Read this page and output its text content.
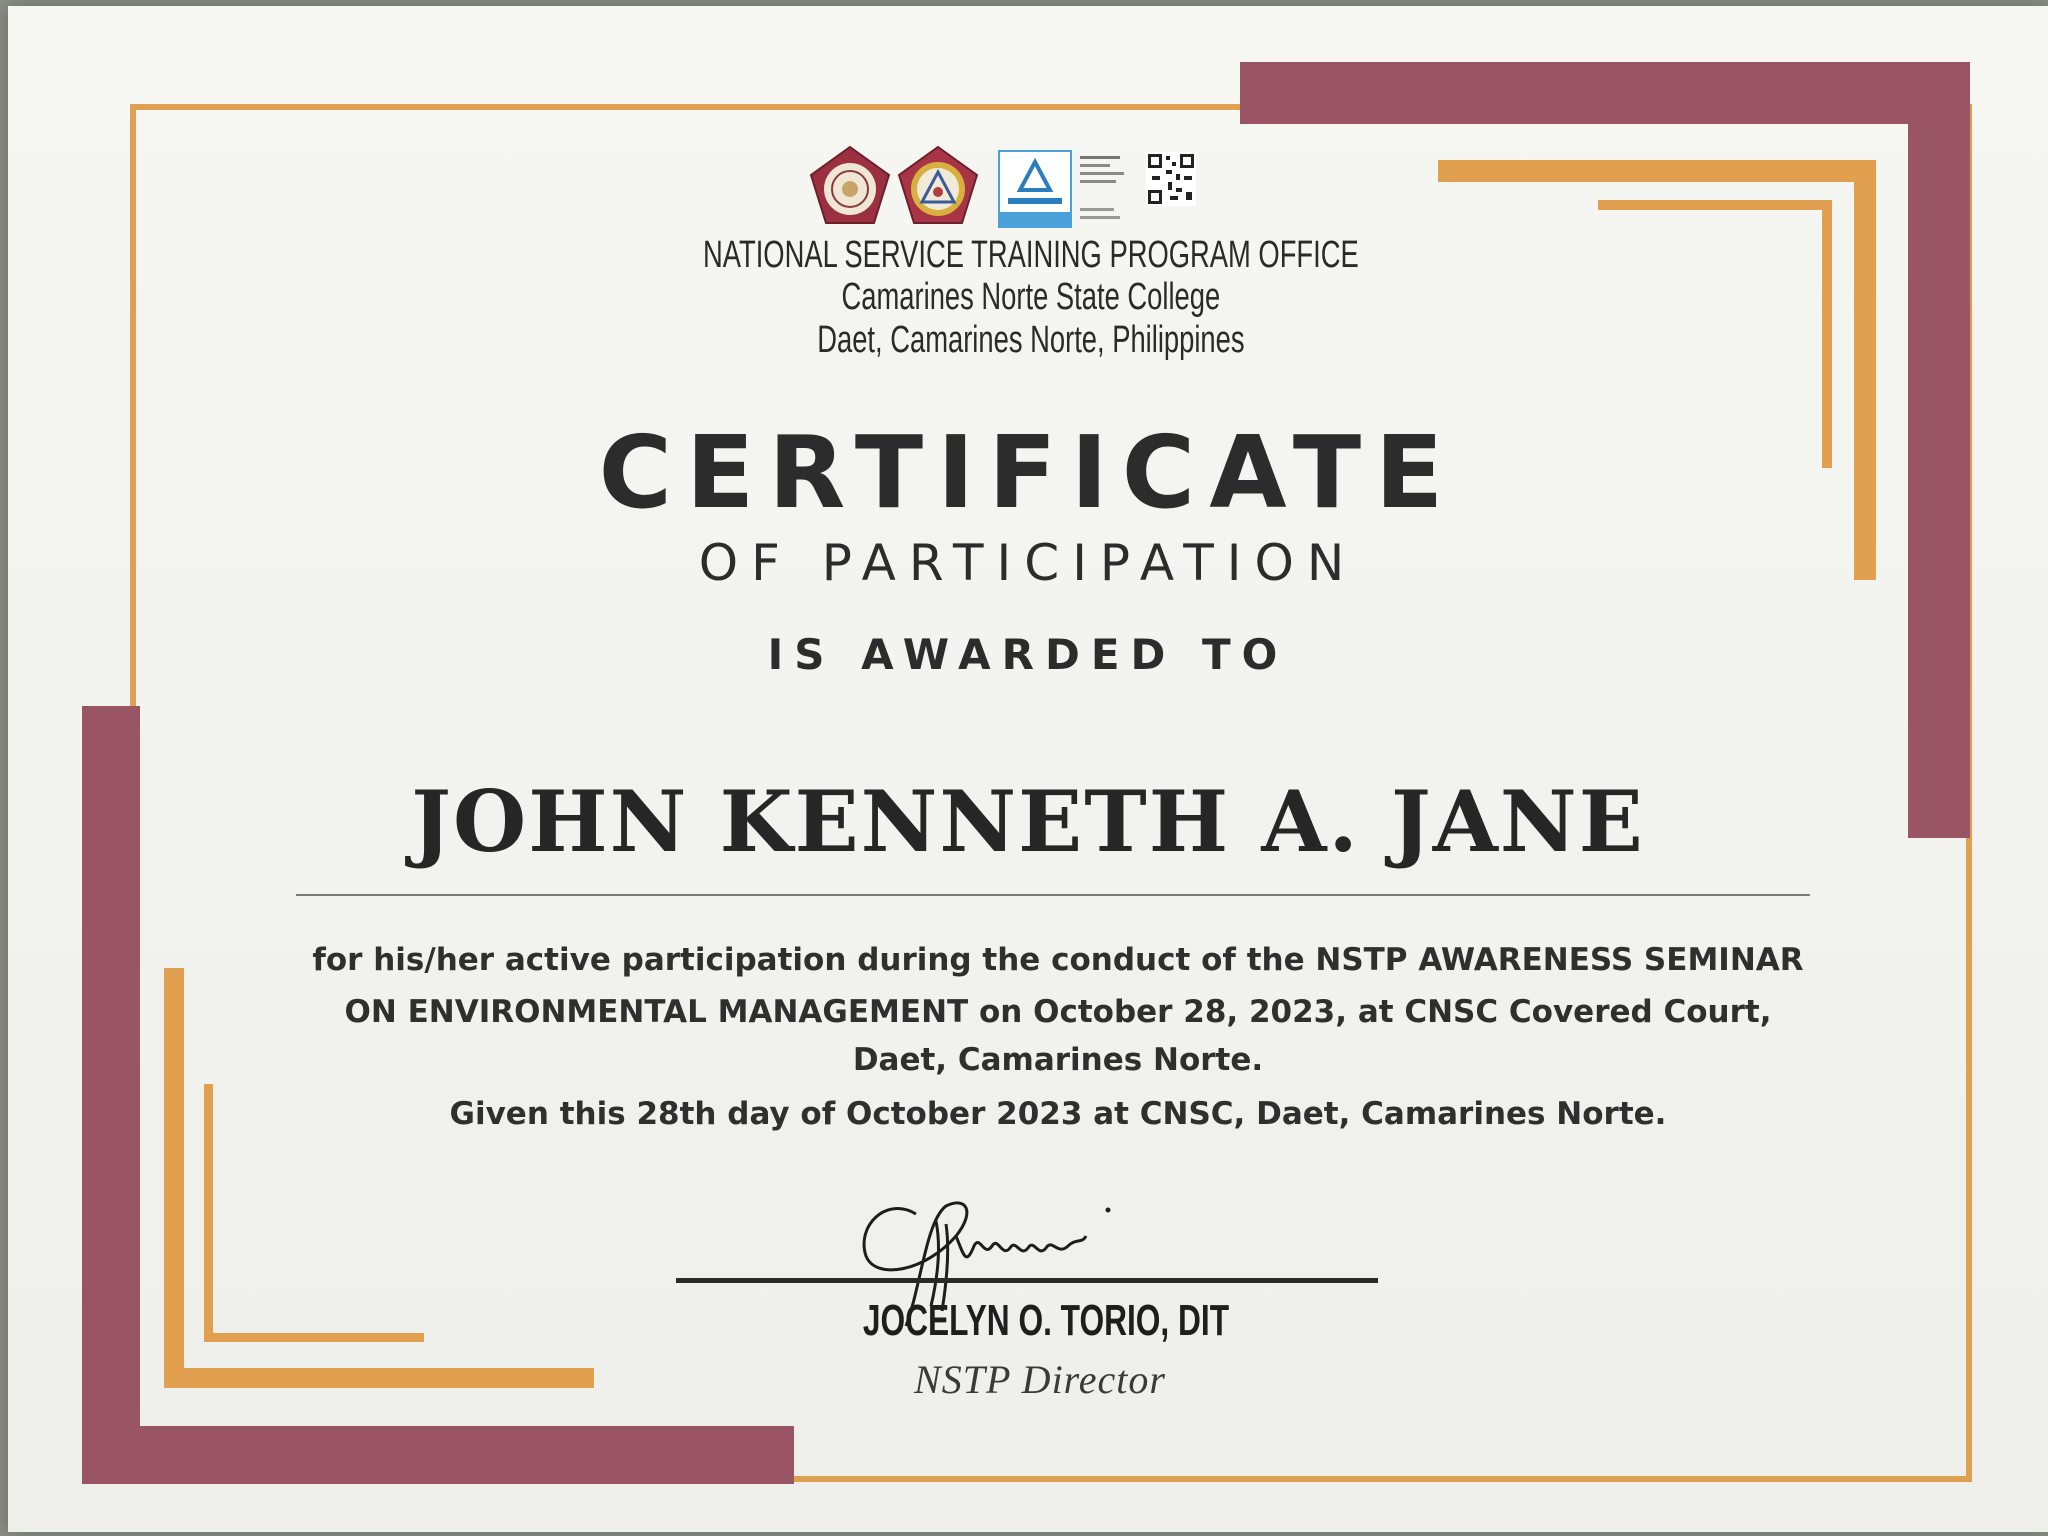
NATIONAL SERVICE TRAINING PROGRAM OFFICE
Camarines Norte State College
Daet, Camarines Norte, Philippines
CERTIFICATE
OF PARTICIPATION
IS AWARDED TO
JOHN KENNETH A. JANE
for his/her active participation during the conduct of the NSTP AWARENESS SEMINAR
ON ENVIRONMENTAL MANAGEMENT on October 28, 2023, at CNSC Covered Court,
Daet, Camarines Norte.
Given this 28th day of October 2023 at CNSC, Daet, Camarines Norte.
JOCELYN O. TORIO, DIT
NSTP Director
